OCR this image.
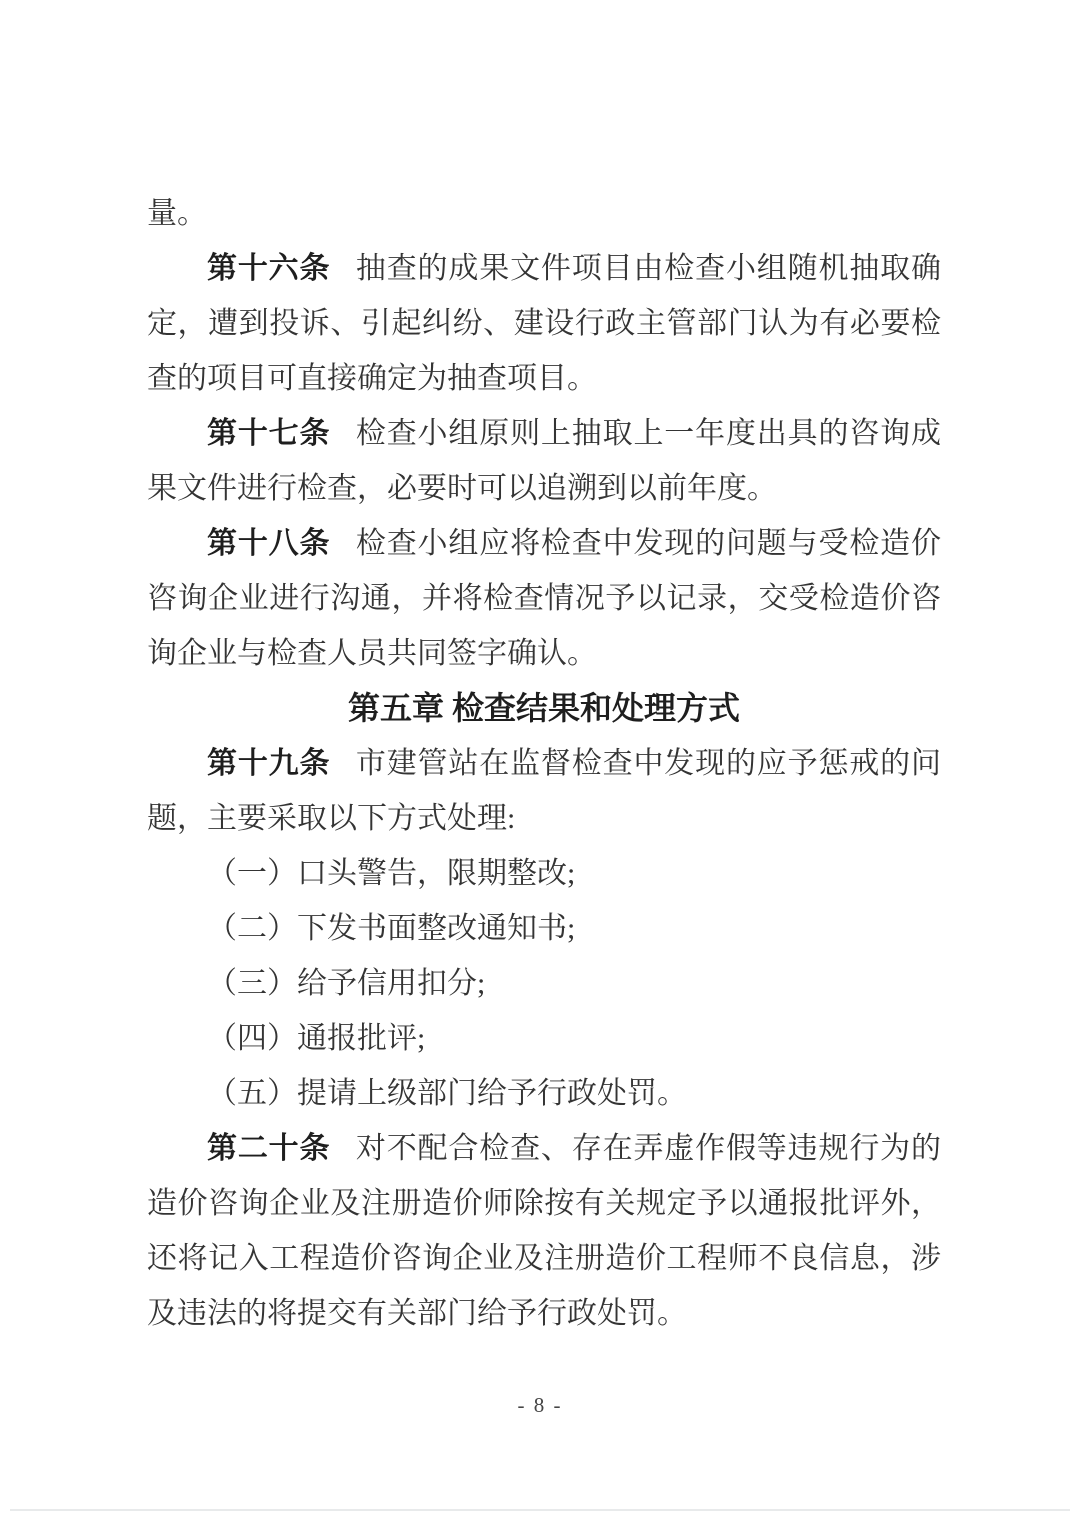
量。

第十六条 抽查的成果文件项目由检查小组随机抽取确定，遭到投诉、引起纠纷、建设行政主管部门认为有必要检查的项目可直接确定为抽查项目。

第十七条 检查小组原则上抽取上一年度出具的咨询成果文件进行检查，必要时可以追溯到以前年度。

第十八条 检查小组应将检查中发现的问题与受检造价咨询企业进行沟通，并将检查情况予以记录，交受检造价咨询企业与检查人员共同签字确认。

第五章 检查结果和处理方式

第十九条 市建管站在监督检查中发现的应予惩戒的问题，主要采取以下方式处理:

（一）口头警告，限期整改;

（二）下发书面整改通知书;

（三）给予信用扣分;

（四）通报批评;

（五）提请上级部门给予行政处罚。

第二十条 对不配合检查、存在弄虚作假等违规行为的造价咨询企业及注册造价师除按有关规定予以通报批评外，还将记入工程造价咨询企业及注册造价工程师不良信息，涉及违法的将提交有关部门给予行政处罚。

- 8 -
